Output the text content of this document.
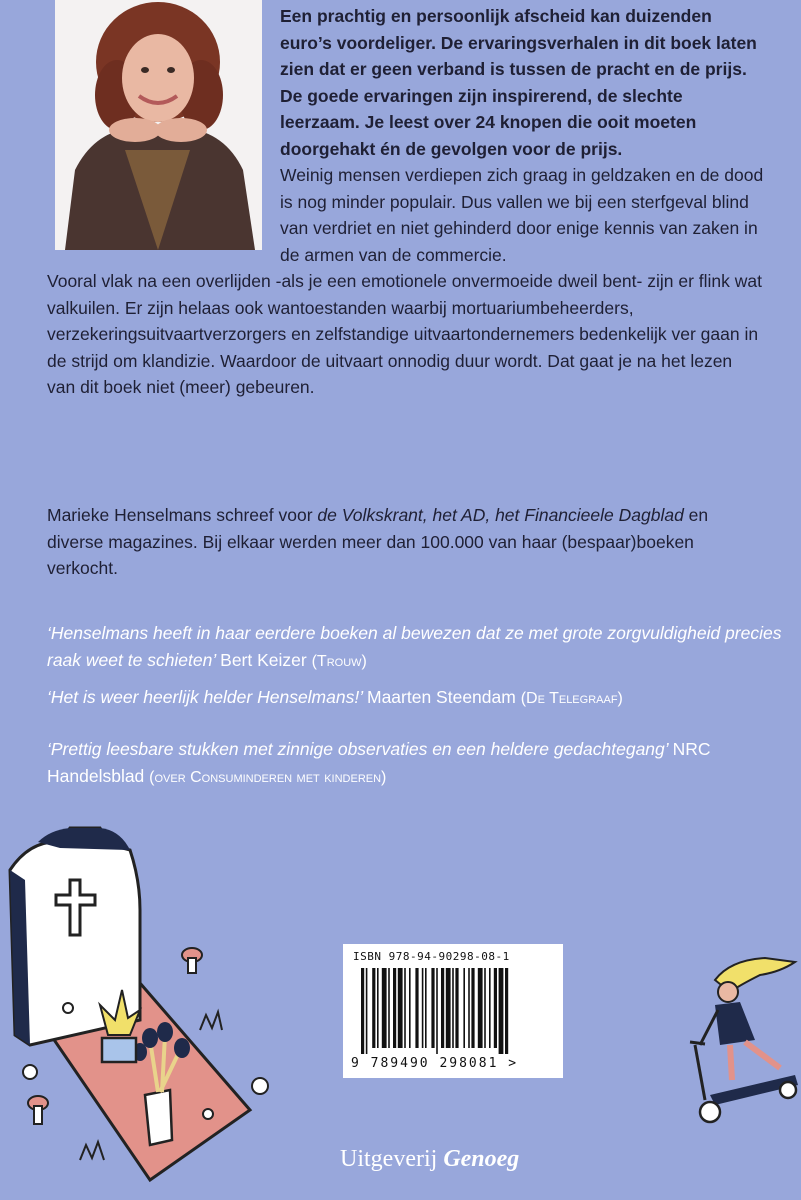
Een prachtig en persoonlijk afscheid kan duizenden euro’s voordeliger. De ervaringsverhalen in dit boek laten zien dat er geen verband is tussen de pracht en de prijs. De goede ervaringen zijn inspirerend, de slechte leerzaam. Je leest over 24 knopen die ooit moeten doorgehakt én de gevolgen voor de prijs.

Weinig mensen verdiepen zich graag in geldzaken en de dood is nog minder populair. Dus vallen we bij een sterfgeval blind van verdriet en niet gehinderd door enige kennis van zaken in de armen van de commercie.

Vooral vlak na een overlijden -als je een emotionele onvermoeide dweil bent- zijn er flink wat valkuilen. Er zijn helaas ook wantoestanden waarbij mortuariumbeheerders, verzekeringsuitvaartverzorgers en zelfstandige uitvaartondernemers bedenkelijk ver gaan in de strijd om klandizie. Waardoor de uitvaart onnodig duur wordt. Dat gaat je na het lezen van dit boek niet (meer) gebeuren.

Marieke Henselmans schreef voor de Volkskrant, het AD, het Financieele Dagblad en diverse magazines. Bij elkaar werden meer dan 100.000 van haar (bespaar)boeken verkocht.

‘Henselmans heeft in haar eerdere boeken al bewezen dat ze met grote zorgvuldigheid precies raak weet te schieten’ Bert Keizer (Trouw)

‘Het is weer heerlijk helder Henselmans!’ Maarten Steendam (De Telegraaf)

‘Prettig leesbare stukken met zinnige observaties en een heldere gedachtegang’ NRC Handelsblad (over Consuminderen met kinderen)

ISBN 978-94-90298-08-1
9 789490 298081 >
Uitgeverij Genoeg
